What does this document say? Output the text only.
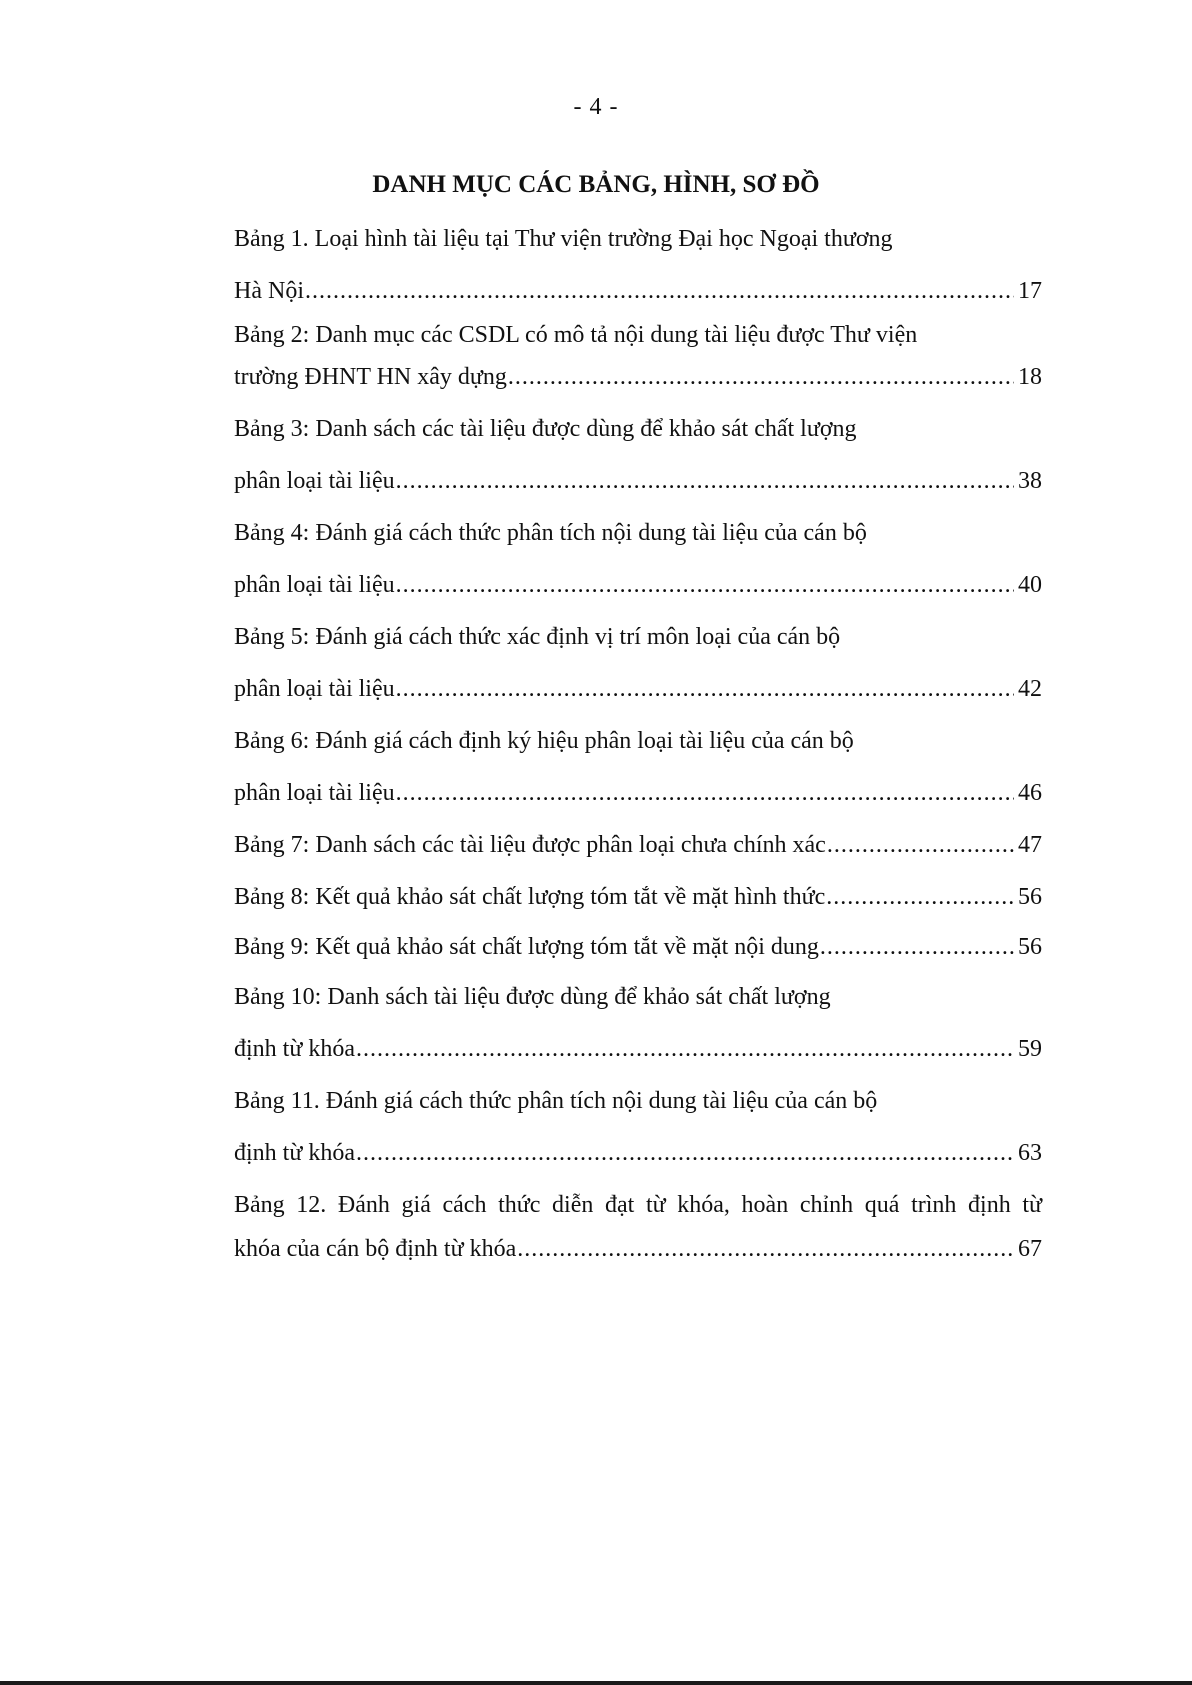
- 4 -
DANH MỤC CÁC BẢNG, HÌNH, SƠ ĐỒ
Bảng 1. Loại hình tài liệu tại Thư viện trường Đại học Ngoại thương
Hà Nội .....	17
Bảng 2: Danh mục các CSDL có mô tả nội dung tài liệu được Thư viện
trường ĐHNT HN xây dựng .....	18
Bảng 3: Danh sách các tài liệu được dùng để khảo sát chất lượng
phân loại tài liệu .....	38
Bảng 4: Đánh giá cách thức phân tích nội dung tài liệu của cán bộ
phân loại tài liệu .....	40
Bảng 5: Đánh giá cách thức xác định vị trí môn loại của cán bộ
phân loại tài liệu .....	42
Bảng 6: Đánh giá cách định ký hiệu phân loại tài liệu của cán bộ
phân loại tài liệu .....	46
Bảng 7: Danh sách các tài liệu được phân loại chưa chính xác .....	47
Bảng 8: Kết quả khảo sát chất lượng tóm tắt về mặt hình thức .....	56
Bảng 9: Kết quả khảo sát chất lượng tóm tắt về mặt nội dung .....	56
Bảng 10: Danh sách tài liệu được dùng để khảo sát chất lượng
định từ khóa .....	59
Bảng 11. Đánh giá cách thức phân tích nội dung tài liệu của cán bộ
định từ khóa .....	63
Bảng 12. Đánh giá cách thức diễn đạt từ khóa, hoàn chỉnh quá trình định từ
khóa của cán bộ định từ khóa .....	67
